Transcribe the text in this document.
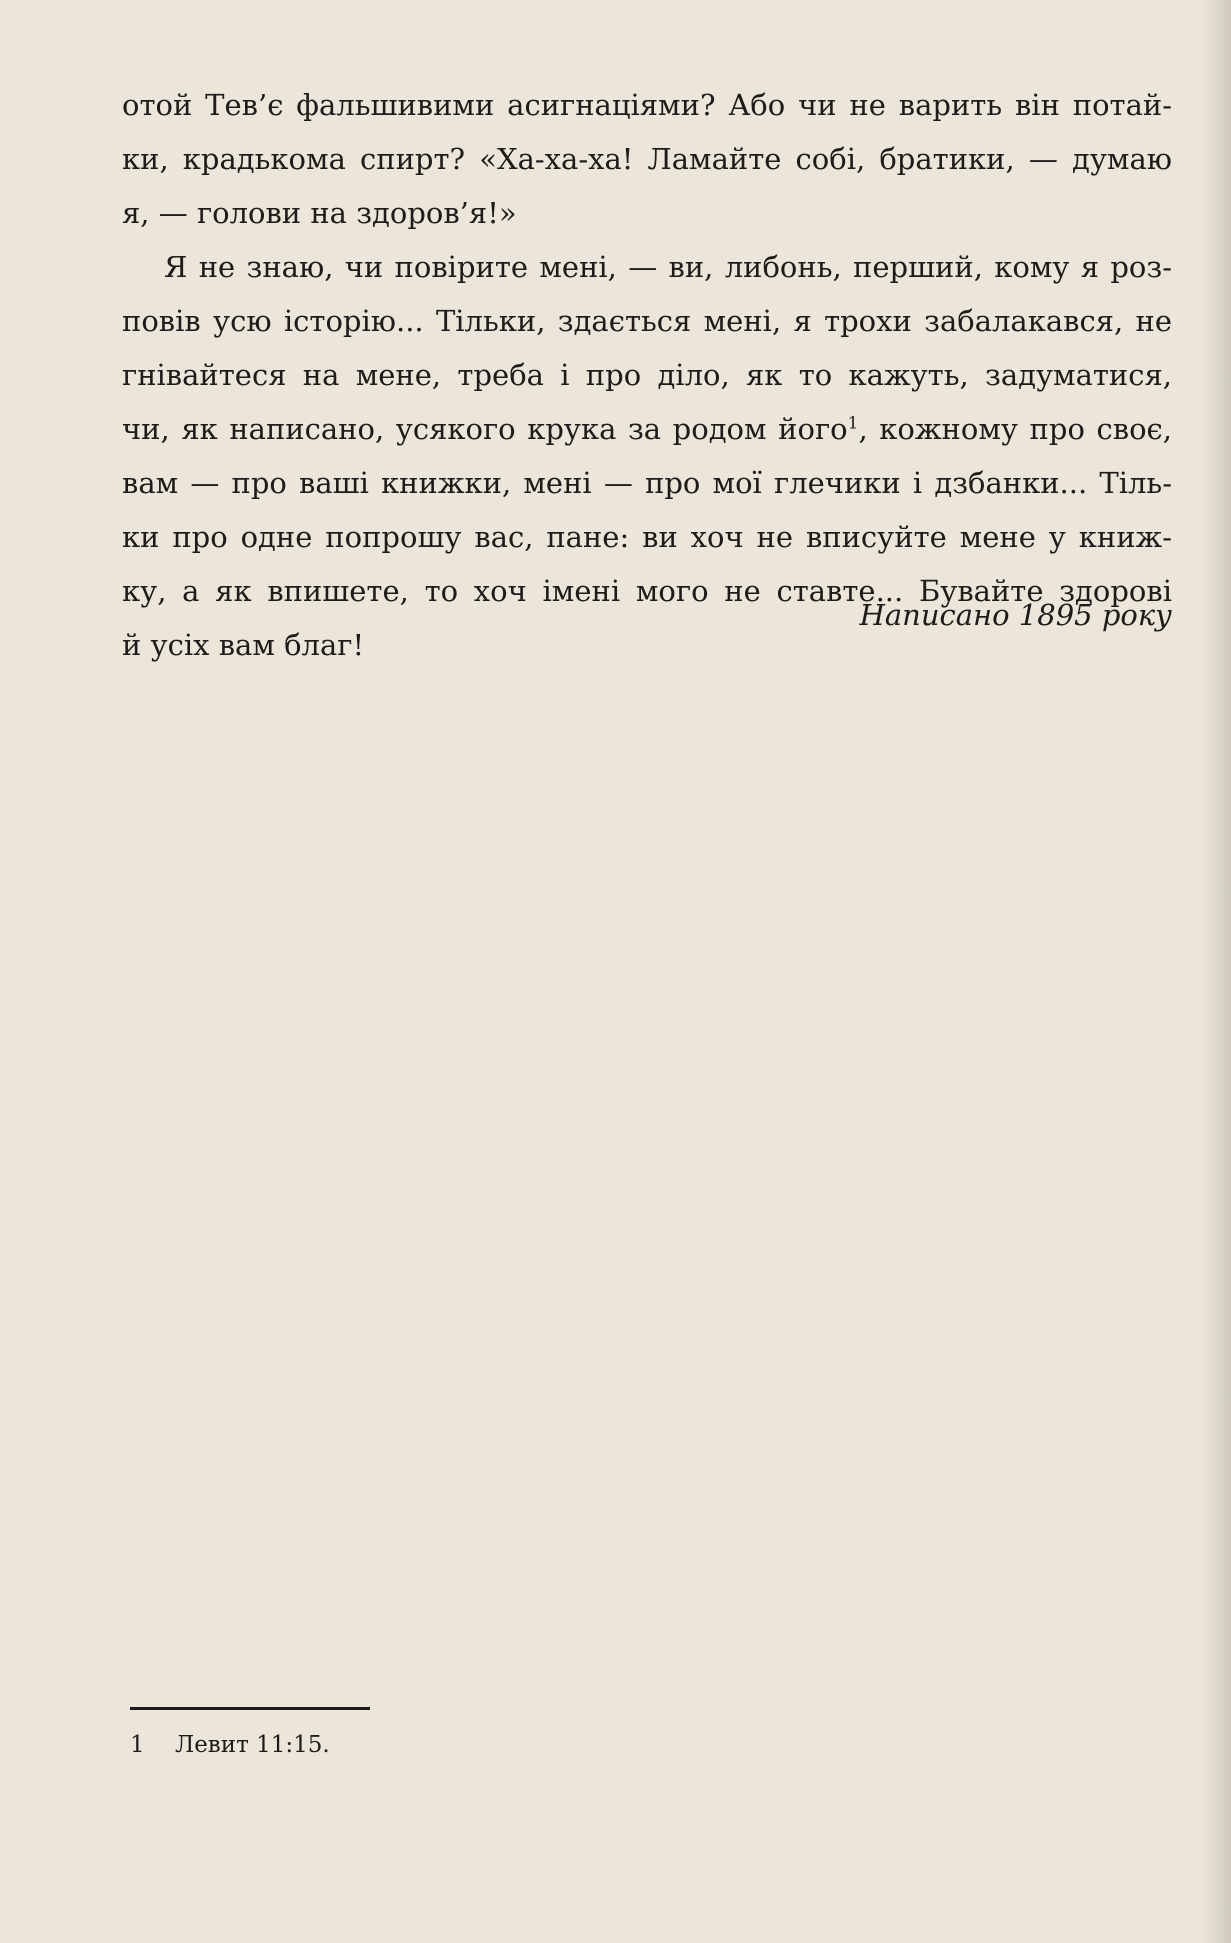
отой Тев’є фальшивими асигнаціями? Або чи не варить він потай-
ки, крадькома спирт? «Ха-ха-ха! Ламайте собі, братики, — думаю
я, — голови на здоров’я!»
Я не знаю, чи повірите мені, — ви, либонь, перший, кому я роз-
повів усю історію... Тільки, здається мені, я трохи забалакався, не
гнівайтеся на мене, треба і про діло, як то кажуть, задуматися,
чи, як написано, усякого крука за родом його$^1$, кожному про своє,
вам — про ваші книжки, мені — про мої глечики і дзбанки... Тіль-
ки про одне попрошу вас, пане: ви хоч не вписуйте мене у книж-
ку, а як впишете, то хоч імені мого не ставте... Бувайте здорові
й усіх вам благ!
Написано 1895 року
1 Левит 11:15.
